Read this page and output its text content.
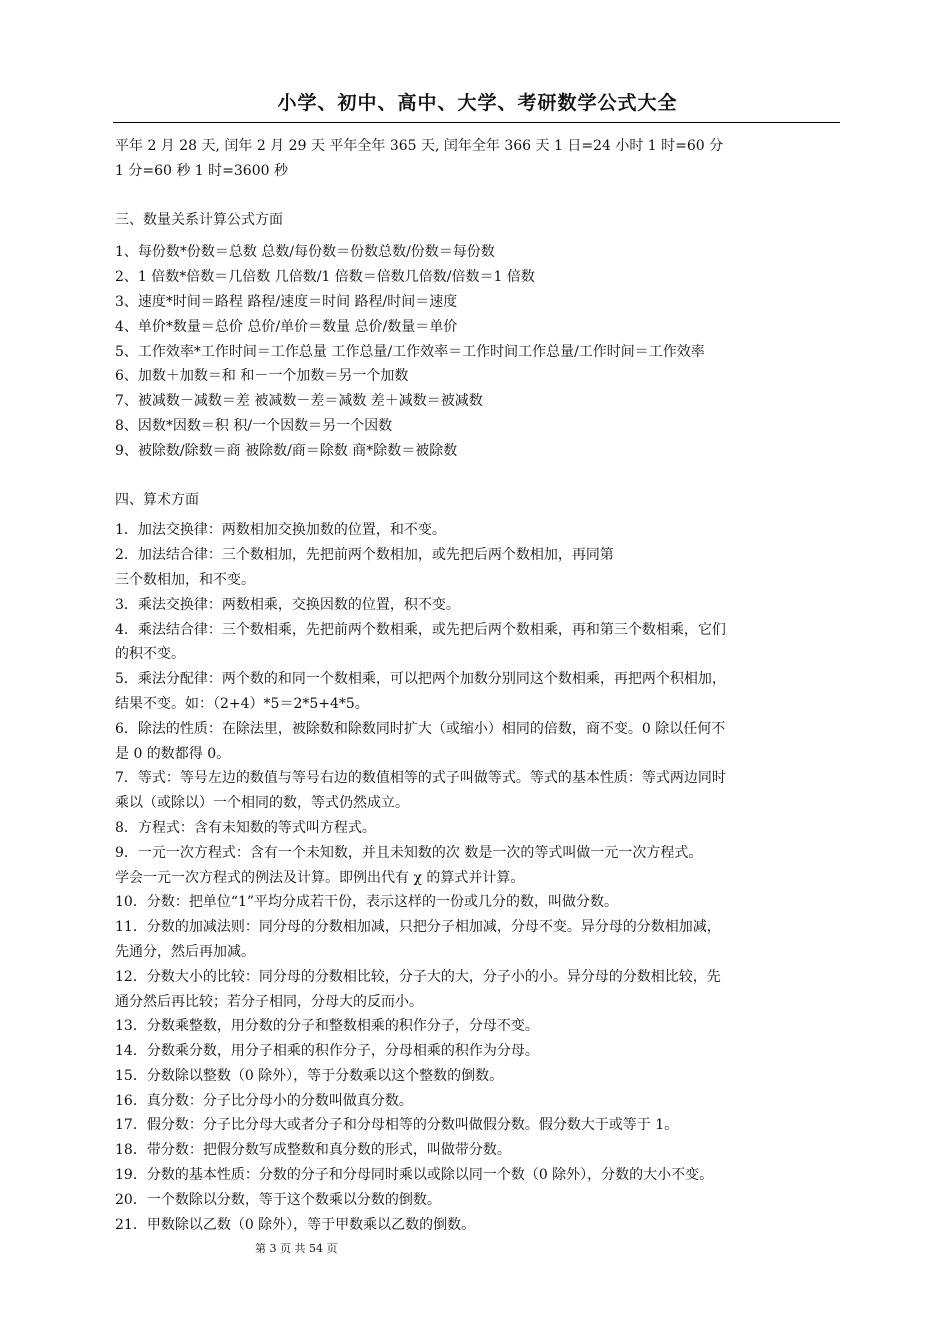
小学、初中、高中、大学、考研数学公式大全
平年 2 月 28 天, 闰年 2 月 29 天 平年全年 365 天, 闰年全年 366 天 1 日=24 小时 1 时=60 分
1 分=60 秒 1 时=3600 秒
三、数量关系计算公式方面
1、每份数*份数＝总数 总数/每份数＝份数总数/份数＝每份数
2、1 倍数*倍数＝几倍数 几倍数/1 倍数＝倍数几倍数/倍数＝1 倍数
3、速度*时间＝路程 路程/速度＝时间 路程/时间＝速度
4、单价*数量＝总价 总价/单价＝数量 总价/数量＝单价
5、工作效率*工作时间＝工作总量 工作总量/工作效率＝工作时间工作总量/工作时间＝工作效率
6、加数＋加数＝和 和－一个加数＝另一个加数
7、被减数－减数＝差 被减数－差＝减数 差＋减数＝被减数
8、因数*因数＝积 积/一个因数＝另一个因数
9、被除数/除数＝商 被除数/商＝除数 商*除数＝被除数
四、算术方面
1．加法交换律：两数相加交换加数的位置，和不变。
2．加法结合律：三个数相加，先把前两个数相加，或先把后两个数相加，再同第
三个数相加，和不变。
3．乘法交换律：两数相乘，交换因数的位置，积不变。
4．乘法结合律：三个数相乘，先把前两个数相乘，或先把后两个数相乘，再和第三个数相乘，它们
的积不变。
5．乘法分配律：两个数的和同一个数相乘，可以把两个加数分别同这个数相乘，再把两个积相加，
结果不变。如：（2+4）*5＝2*5+4*5。
6．除法的性质：在除法里，被除数和除数同时扩大（或缩小）相同的倍数，商不变。0 除以任何不
是 0 的数都得 0。
7．等式：等号左边的数值与等号右边的数值相等的式子叫做等式。等式的基本性质：等式两边同时
乘以（或除以）一个相同的数，等式仍然成立。
8．方程式：含有未知数的等式叫方程式。
9．一元一次方程式：含有一个未知数，并且未知数的次 数是一次的等式叫做一元一次方程式。
学会一元一次方程式的例法及计算。即例出代有 χ 的算式并计算。
10．分数：把单位“1”平均分成若干份，表示这样的一份或几分的数，叫做分数。
11．分数的加减法则：同分母的分数相加减，只把分子相加减，分母不变。异分母的分数相加减，
先通分，然后再加减。
12．分数大小的比较：同分母的分数相比较，分子大的大，分子小的小。异分母的分数相比较，先
通分然后再比较；若分子相同，分母大的反而小。
13．分数乘整数，用分数的分子和整数相乘的积作分子，分母不变。
14．分数乘分数，用分子相乘的积作分子，分母相乘的积作为分母。
15．分数除以整数（0 除外），等于分数乘以这个整数的倒数。
16．真分数：分子比分母小的分数叫做真分数。
17．假分数：分子比分母大或者分子和分母相等的分数叫做假分数。假分数大于或等于 1。
18．带分数：把假分数写成整数和真分数的形式，叫做带分数。
19．分数的基本性质：分数的分子和分母同时乘以或除以同一个数（0 除外），分数的大小不变。
20．一个数除以分数，等于这个数乘以分数的倒数。
21．甲数除以乙数（0 除外），等于甲数乘以乙数的倒数。
第 3 页 共 54 页
